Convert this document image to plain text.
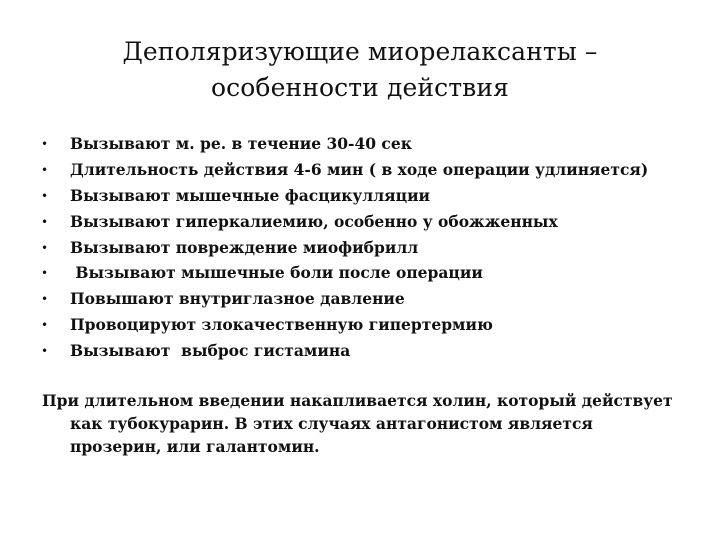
Деполяризующие миорелаксанты –
особенности действия
• Вызывают м. ре. в течение 30-40 сек
• Длительность действия 4-6 мин ( в ходе операции удлиняется)
• Вызывают мышечные фасцикулляции
• Вызывают гиперкалиемию, особенно у обожженных
• Вызывают повреждение миофибрилл
• Вызывают мышечные боли после операции
• Повышают внутриглазное давление
• Провоцируют злокачественную гипертермию
• Вызывают  выброс гистамина

При длительном введении накапливается холин, который действует как тубокурарин. В этих случаях антагонистом является прозерин, или галантомин.
